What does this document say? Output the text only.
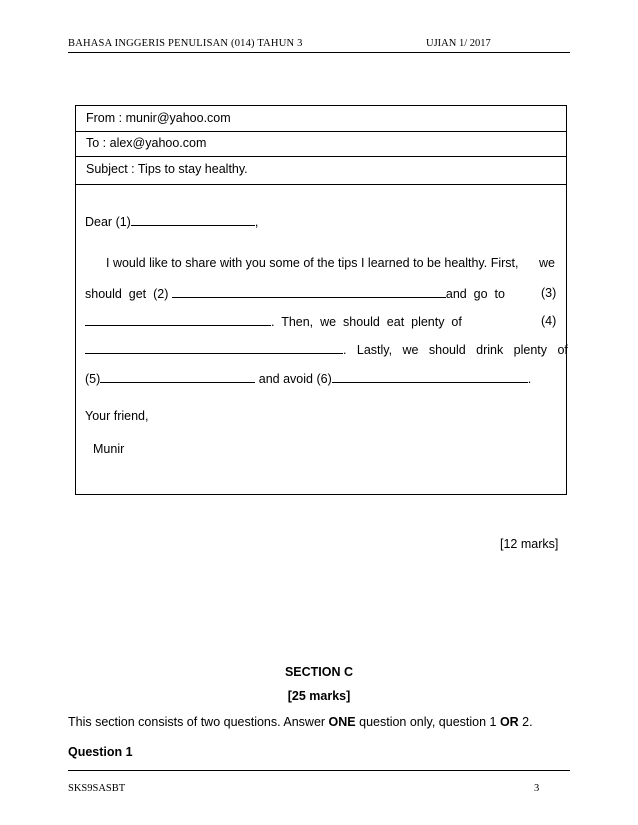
BAHASA INGGERIS PENULISAN (014) TAHUN 3	UJIAN 1/ 2017
From : munir@yahoo.com
To : alex@yahoo.com
Subject : Tips to stay healthy.
Dear (1)	,
I would like to share with you some of the tips I learned to be healthy. First, we
should  get  (2)	and  go  to	(3)
.  Then,  we  should  eat  plenty  of	(4)
.   Lastly,   we   should   drink   plenty   of
(5)	and avoid (6)	.
Your friend,
Munir
[12 marks]
SECTION C
[25 marks]
This section consists of two questions. Answer ONE question only, question 1 OR 2.
Question 1
SKS9SASBT	3
